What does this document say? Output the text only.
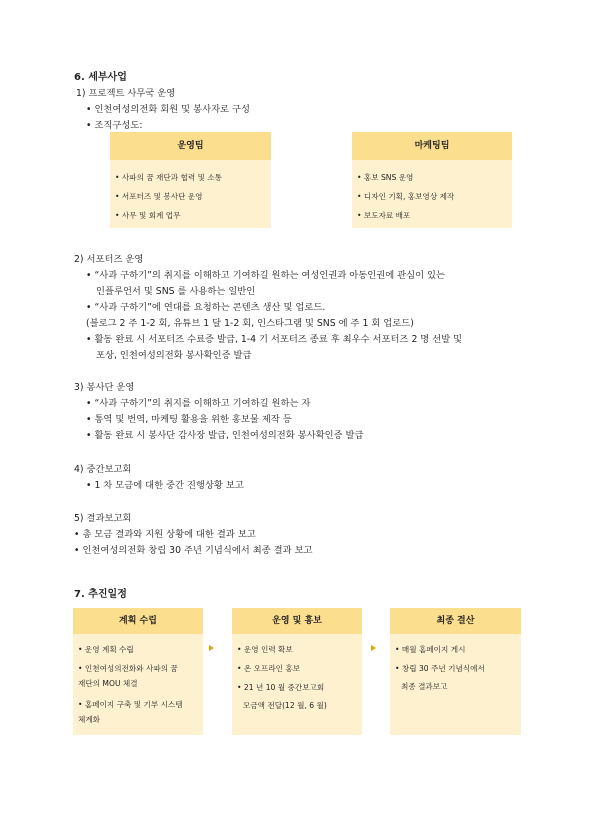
6. 세부사업
1) 프로젝트 사무국 운영
• 인천여성의전화 회원 및 봉사자로 구성
• 조직구성도:
운영팀
• 사파의 꿈 재단과 협력 및 소통
• 서포터즈 및 봉사단 운영
• 사무 및 회계 업무
마케팅팀
• 홍보 SNS 운영
• 디자인 기획, 홍보영상 제작
• 보도자료 배포
2) 서포터즈 운영
• “사과 구하기”의 취지를 이해하고 기여하길 원하는 여성인권과 아동인권에 관심이 있는
인플루언서 및 SNS 를 사용하는 일반인
• “사과 구하기”에 연대를 요청하는 콘텐츠 생산 및 업로드.
(블로그 2 주 1-2 회, 유튜브 1 달 1-2 회, 인스타그램 및 SNS 에 주 1 회 업로드)
• 활동 완료 시 서포터즈 수료증 발급, 1-4 기 서포터즈 종료 후 최우수 서포터즈 2 명 선발 및
포상, 인천여성의전화 봉사확인증 발급
3) 봉사단 운영
• “사과 구하기”의 취지를 이해하고 기여하길 원하는 자
• 통역 및 번역, 마케팅 활용을 위한 홍보물 제작 등
• 활동 완료 시 봉사단 감사장 발급, 인천여성의전화 봉사확인증 발급
4) 중간보고회
• 1 차 모금에 대한 중간 진행상황 보고
5) 결과보고회
• 총 모금 결과와 지원 상황에 대한 결과 보고
• 인천여성의전화 창립 30 주년 기념식에서 최종 결과 보고
7. 추진일정
계획 수립
• 운영 계획 수립
• 인천여성의전화와 사파의 꿈
재단의 MOU 체결
• 홈페이지 구축 및 기부 시스템
체계화
운영 및 홍보
• 운영 인력 확보
• 온 오프라인 홍보
• 21 년 10 월 중간보고회
모금액 전달(12 월, 6 월)
최종 결산
• 매월 홈페이지 게시
• 창립 30 주년 기념식에서
최종 결과보고
